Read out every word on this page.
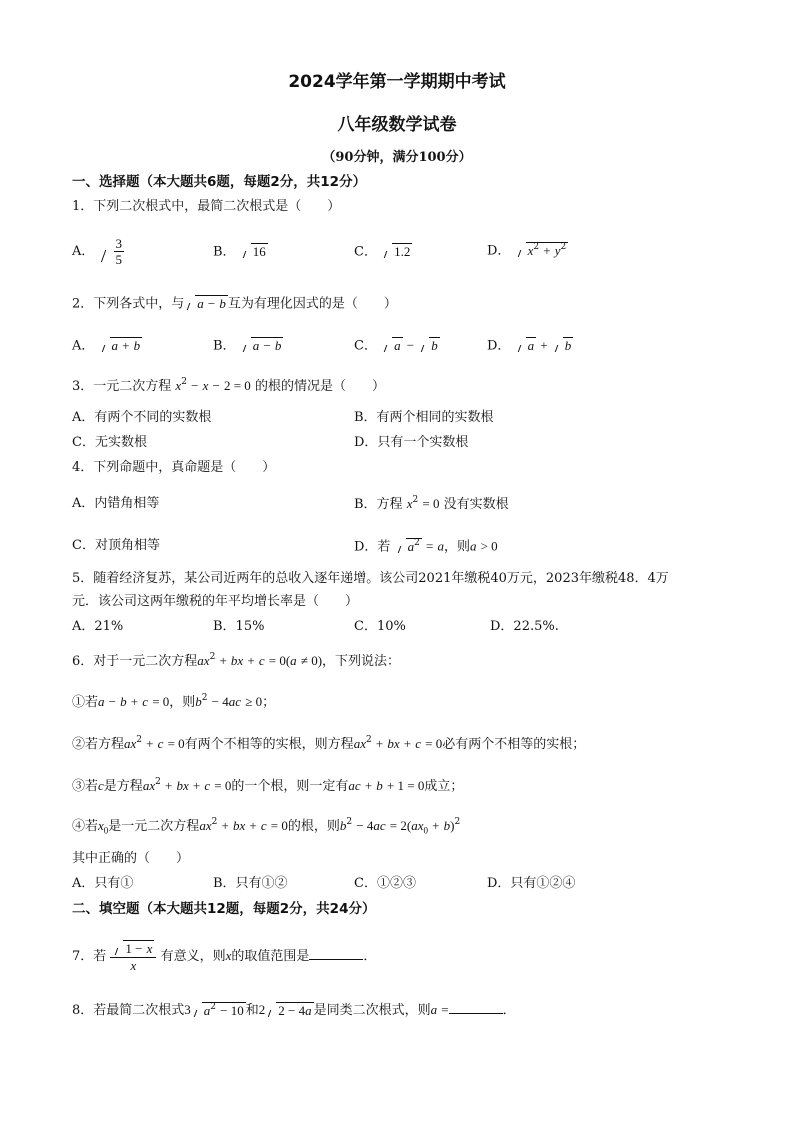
2024学年第一学期期中考试
八年级数学试卷
（90分钟，满分100分）
一、选择题（本大题共6题，每题2分，共12分）
1．下列二次根式中，最简二次根式是（　　）
A． $\frac{3}{5}$	B． 16	C． 1.2	D． $x^2 + y^2$
2．下列各式中，与 a − b 互为有理化因式的是（　　）
A． a + b	B． a − b	C． a − b	D． a + b
3．一元二次方程 $x^2 - x - 2 = 0$ 的根的情况是（　　）
A．有两个不同的实数根	B．有两个相同的实数根
C．无实数根	D．只有一个实数根
4．下列命题中，真命题是（　　）
A．内错角相等	B．方程 $x^2 = 0$ 没有实数根
C．对顶角相等	D．若 $a^2 = a$，则a > 0
5．随着经济复苏，某公司近两年的总收入逐年递增。该公司2021年缴税40万元，2023年缴税48．4万
元．该公司这两年缴税的年平均增长率是（　　）
A．21%	B．15%	C．10%	D．22.5%.
6．对于一元二次方程$ax^2$ + bx + c = 0(a ≠ 0)，下列说法：
①若a − b + c = 0，则$b^2 - 4ac \ge 0$；
②若方程$ax^2 + c = 0$有两个不相等的实根，则方程$ax^2$ + bx + c = 0必有两个不相等的实根；
③若c是方程$ax^2$ + bx + c = 0的一个根，则一定有ac + b + 1 = 0成立；
④若$x_0$是一元二次方程$ax^2$ + bx + c = 0的根，则$b^2 - 4ac = 2(ax_0 + b)^2$
其中正确的（　　）
A．只有①	B．只有①②	C．①②③	D．只有①②④
二、填空题（本大题共12题，每题2分，共24分）
7．若 $\frac{1 - x}{x}$ 有意义，则x的取值范围是	．
8．若最简二次根式3 $a^2 - 10$ 和2 2 − 4a 是同类二次根式，则a =	．
